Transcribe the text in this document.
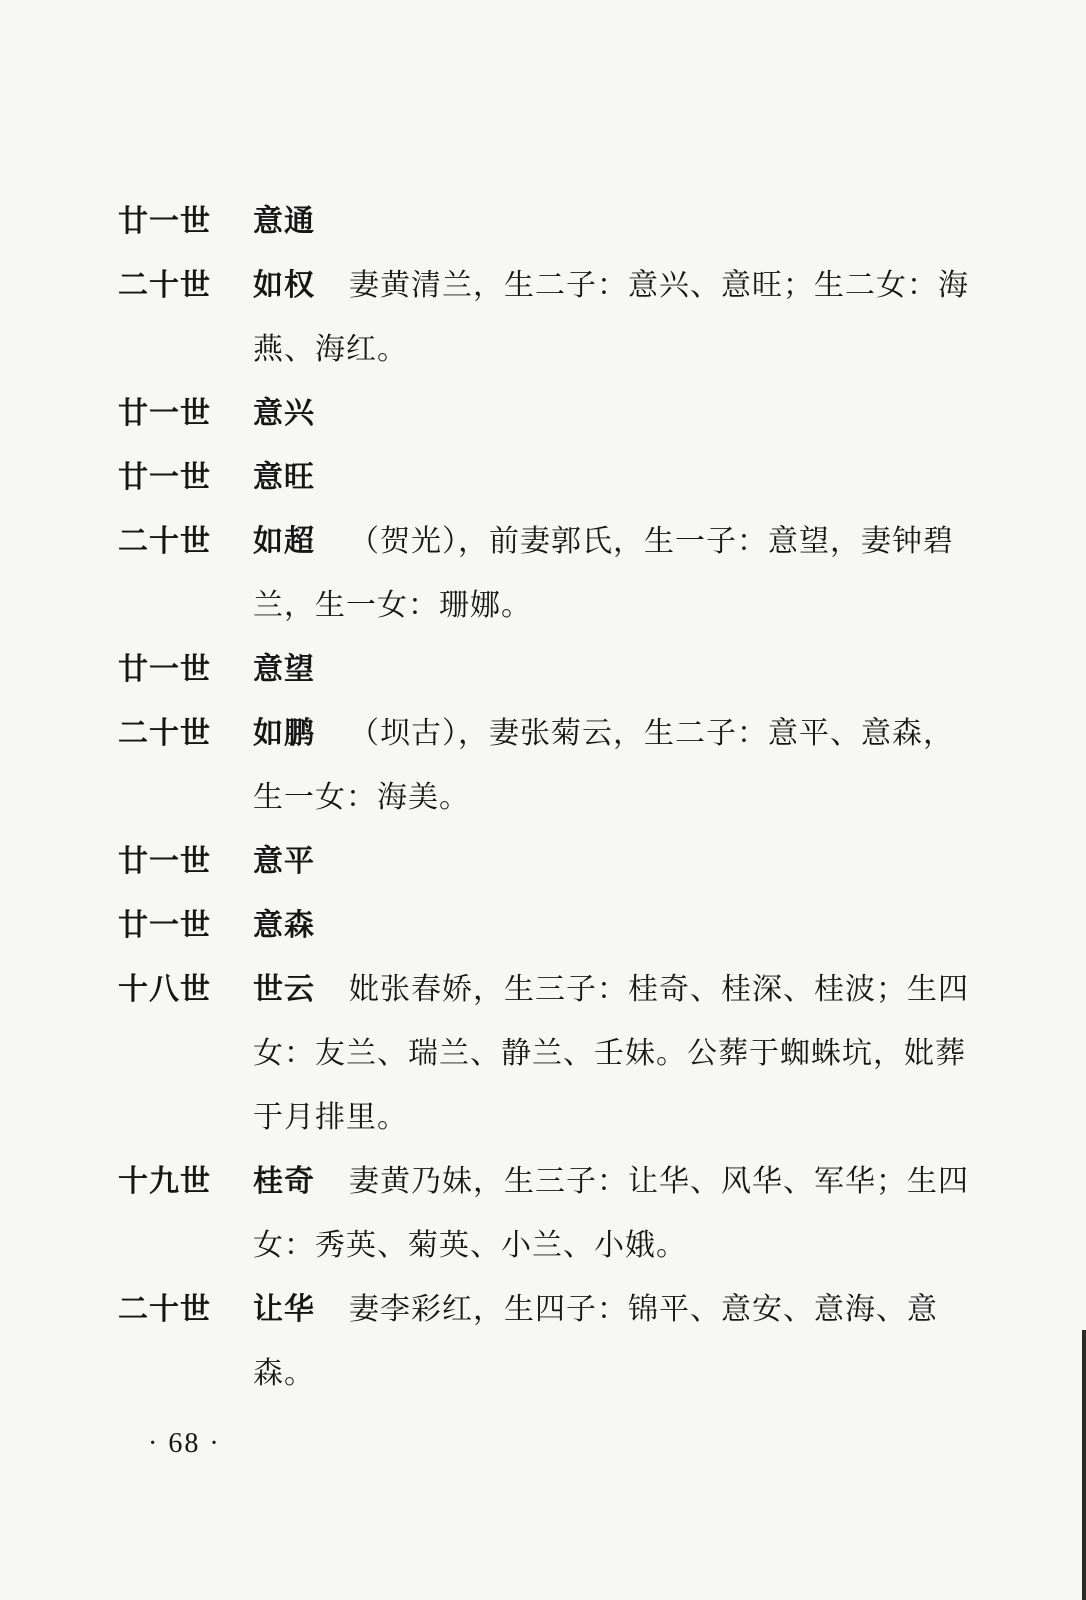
廿一世	意通
二十世	如权 妻黄清兰，生二子：意兴、意旺；生二女：海燕、海红。
廿一世	意兴
廿一世	意旺
二十世	如超 （贺光），前妻郭氏，生一子：意望，妻钟碧兰，生一女：珊娜。
廿一世	意望
二十世	如鹏 （坝古），妻张菊云，生二子：意平、意森，生一女：海美。
廿一世	意平
廿一世	意森
十八世	世云 妣张春娇，生三子：桂奇、桂深、桂波；生四女：友兰、瑞兰、静兰、壬妹。公葬于蜘蛛坑，妣葬于月排里。
十九世	桂奇 妻黄乃妹，生三子：让华、风华、军华；生四女：秀英、菊英、小兰、小娥。
二十世	让华 妻李彩红，生四子：锦平、意安、意海、意森。
· 68 ·
